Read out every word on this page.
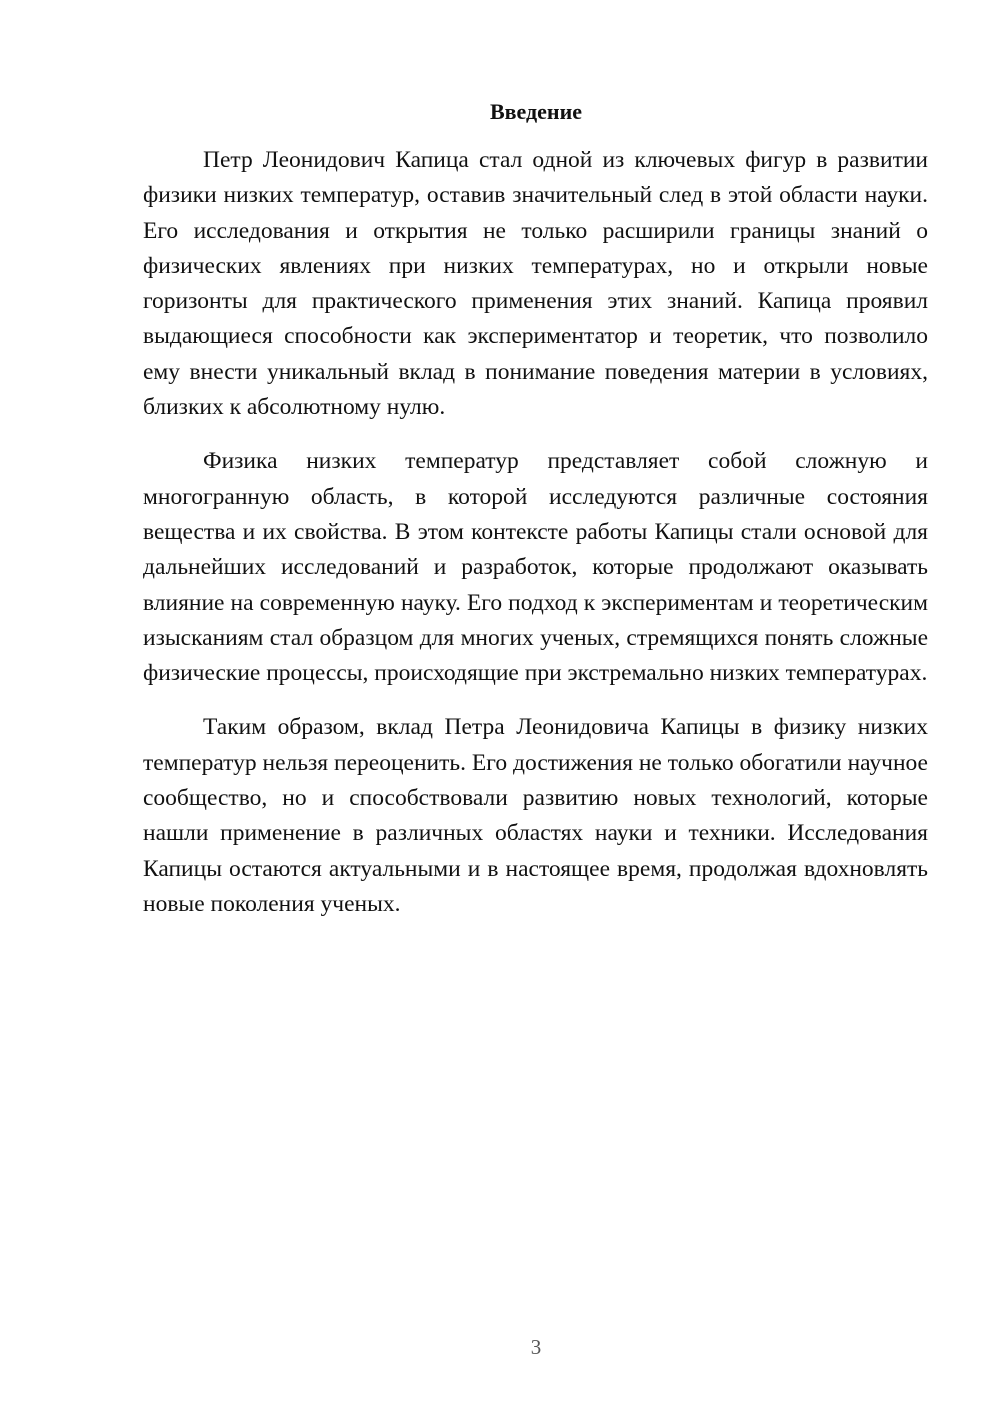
Введение

Петр Леонидович Капица стал одной из ключевых фигур в развитии физики низких температур, оставив значительный след в этой области науки. Его исследования и открытия не только расширили границы знаний о физических явлениях при низких температурах, но и открыли новые горизонты для практического применения этих знаний. Капица проявил выдающиеся способности как экспериментатор и теоретик, что позволило ему внести уникальный вклад в понимание поведения материи в условиях, близких к абсолютному нулю.

Физика низких температур представляет собой сложную и многогранную область, в которой исследуются различные состояния вещества и их свойства. В этом контексте работы Капицы стали основой для дальнейших исследований и разработок, которые продолжают оказывать влияние на современную науку. Его подход к экспериментам и теоретическим изысканиям стал образцом для многих ученых, стремящихся понять сложные физические процессы, происходящие при экстремально низких температурах.

Таким образом, вклад Петра Леонидовича Капицы в физику низких температур нельзя переоценить. Его достижения не только обогатили научное сообщество, но и способствовали развитию новых технологий, которые нашли применение в различных областях науки и техники. Исследования Капицы остаются актуальными и в настоящее время, продолжая вдохновлять новые поколения ученых.

3
